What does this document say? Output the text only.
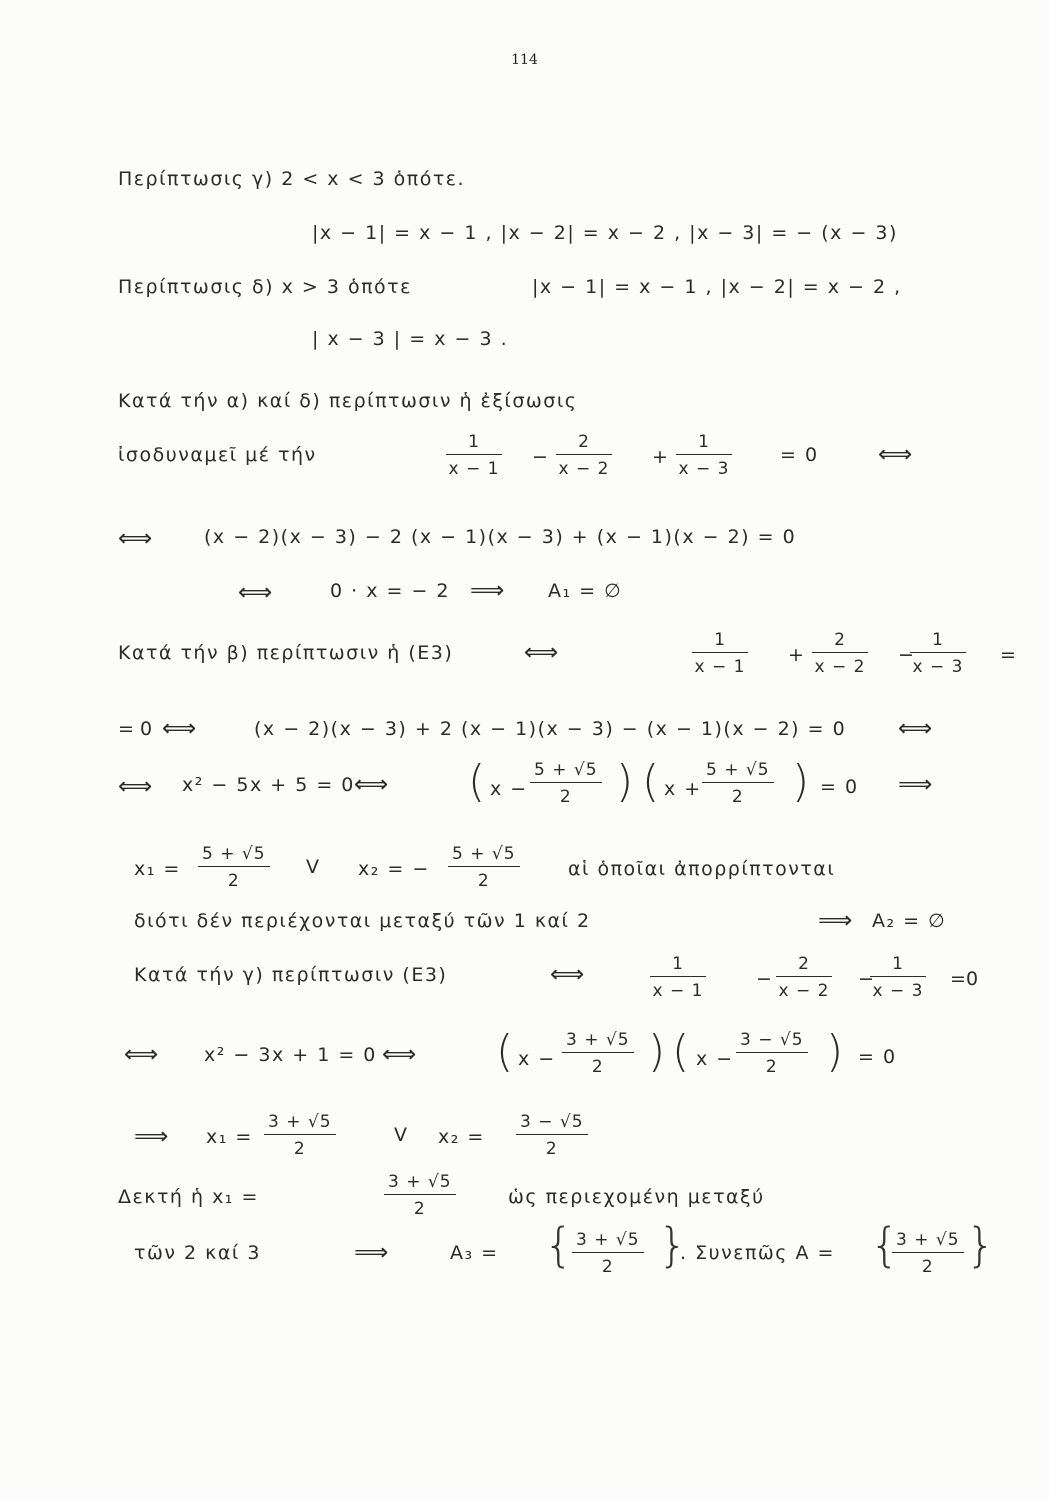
114
Περίπτωσις γ) 2 < x < 3 ὁπότε.
|x − 1| = x − 1 , |x − 2| = x − 2 , |x − 3| = − (x − 3)
Περίπτωσις δ) x > 3 ὁπότε	|x − 1| = x − 1 , |x − 2| = x − 2 ,
| x − 3 | = x − 3 .
Κατά τήν α) καί δ) περίπτωσιν ἡ ἐξίσωσις
ἰσοδυναμεῖ μέ τήν	$\frac{1}{x - 1} - \frac{2}{x - 2} + \frac{1}{x - 3}$	= 0 ⟺
⟺	(x − 2)(x − 3) − 2 (x − 1)(x − 3) + (x − 1)(x − 2) = 0
⟺	0 · x = − 2 ⟹ A₁ = ∅
Κατά τήν β) περίπτωσιν ἡ (Ε3)	⟺	$\frac{1}{x - 1} + \frac{2}{x - 2}$ −
$\frac{1}{x - 3}$ =
= 0 ⟺	(x − 2)(x − 3) + 2 (x − 1)(x − 3) − (x − 1)(x − 2) = 0 ⟺
⟺ x² − 5x + 5 = 0 ⟺ ( $x - \frac{5 + √5}{2}$ ) ( $x + \frac{5 + √5}{2}$ ) = 0 ⟹
$x_1 = \frac{5 + √5}{2}$ V x₂ = − $\frac{5 + √5}{2}$	αἱ ὁποῖαι ἀπορρίπτονται
διότι δέν περιέχονται μεταξύ τῶν 1 καί 2	⟹ A₂ = ∅
Κατά τήν γ) περίπτωσιν (Ε3)	⟺	$\frac{1}{x - 1}$	− $\frac{2}{x - 2}$ −
$\frac{1}{x - 3}$ =
0
⟺ x² − 3x + 1 = 0 ⟺ ( $x - \frac{3 + √5}{2}$ ) ( $x - \frac{3 - √5}{2}$ ) = 0
⟹ $x_1 = \frac{3 + √5}{2}$	V $x_2 = \frac{3 - √5}{2}$
Δεκτή ἡ x₁ =	$\frac{3 + √5}{2}$	ὡς περιεχομένη μεταξύ
τῶν 2 καί 3	⟹	A₃ = {
$\frac{3 + √5}{2}$ }
. Συνεπῶς A = {
$\frac{3 + √5}{2}$ }
